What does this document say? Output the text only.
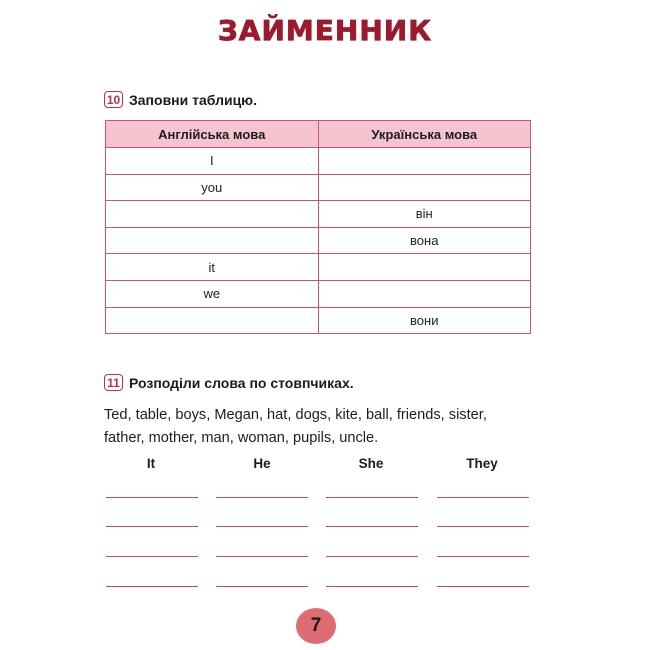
ЗАЙМЕННИК
10 Заповни таблицю.
Англійська мова	Українська мова
I	
you	
	він
	вона
it	
we	
	вони
11 Розподіли слова по стовпчиках.
Ted, table, boys, Megan, hat, dogs, kite, ball, friends, sister,
father, mother, man, woman, pupils, uncle.
It	He	She	They
7
